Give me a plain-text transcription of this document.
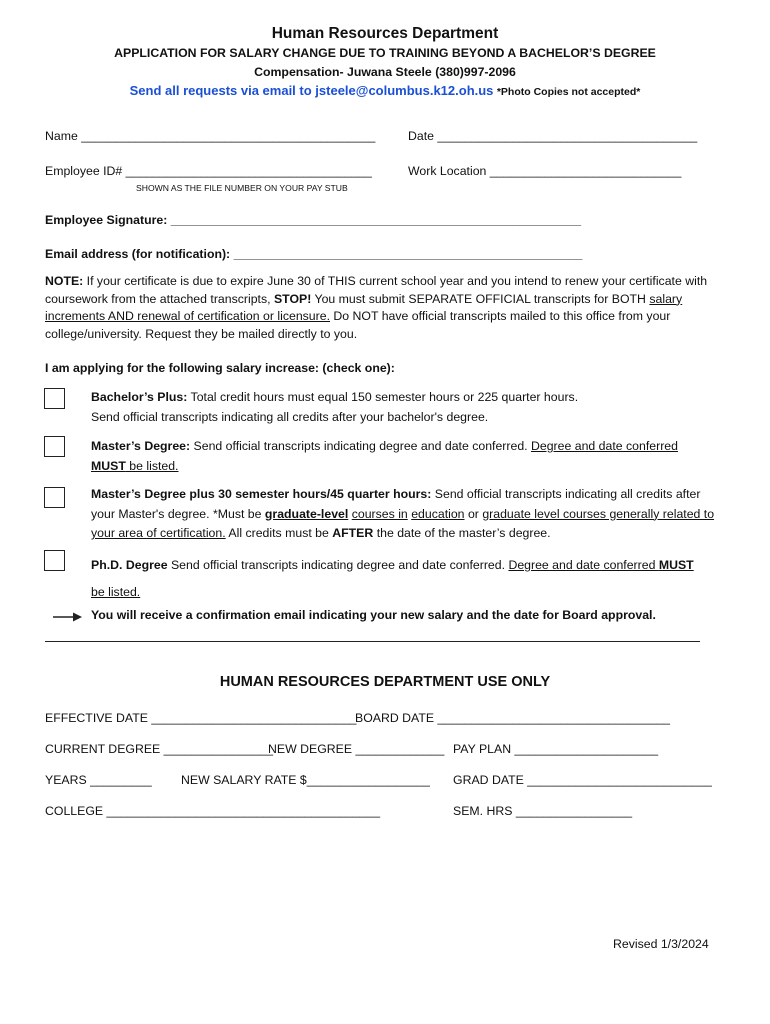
Human Resources Department
APPLICATION FOR SALARY CHANGE DUE TO TRAINING BEYOND A BACHELOR’S DEGREE
Compensation- Juwana Steele (380)997-2096
Send all requests via email to jsteele@columbus.k12.oh.us *Photo Copies not accepted*
Name ___________________________________________	Date ______________________________________
Employee ID# ____________________________________
SHOWN AS THE FILE NUMBER ON YOUR PAY STUB
Work Location ____________________________
Employee Signature: ____________________________________________________________
Email address (for notification): ___________________________________________________

NOTE: If your certificate is due to expire June 30 of THIS current school year and you intend to renew your certificate with coursework from the attached transcripts, STOP! You must submit SEPARATE OFFICIAL transcripts for BOTH salary increments AND renewal of certification or licensure. Do NOT have official transcripts mailed to this office from your college/university. Request they be mailed directly to you.

I am applying for the following salary increase: (check one):

Bachelor’s Plus: Total credit hours must equal 150 semester hours or 225 quarter hours.

Send official transcripts indicating all credits after your bachelor's degree.

Master’s Degree: Send official transcripts indicating degree and date conferred. Degree and date conferred
MUST be listed.

Master’s Degree plus 30 semester hours/45 quarter hours: Send official transcripts indicating all credits after your Master's degree. *Must be graduate-level courses in education or graduate level courses generally related to your area of certification. All credits must be AFTER the date of the master’s degree.

Ph.D. Degree Send official transcripts indicating degree and date conferred. Degree and date conferred MUST
be listed.

You will receive a confirmation email indicating your new salary and the date for Board approval.
HUMAN RESOURCES DEPARTMENT USE ONLY
EFFECTIVE DATE ______________________________
BOARD DATE __________________________________
CURRENT DEGREE ________________
NEW DEGREE _____________ PAY PLAN _____________________
YEARS _________ NEW SALARY RATE $__________________ GRAD DATE ___________________________
COLLEGE ________________________________________	SEM. HRS _________________
Revised 1/3/2024
